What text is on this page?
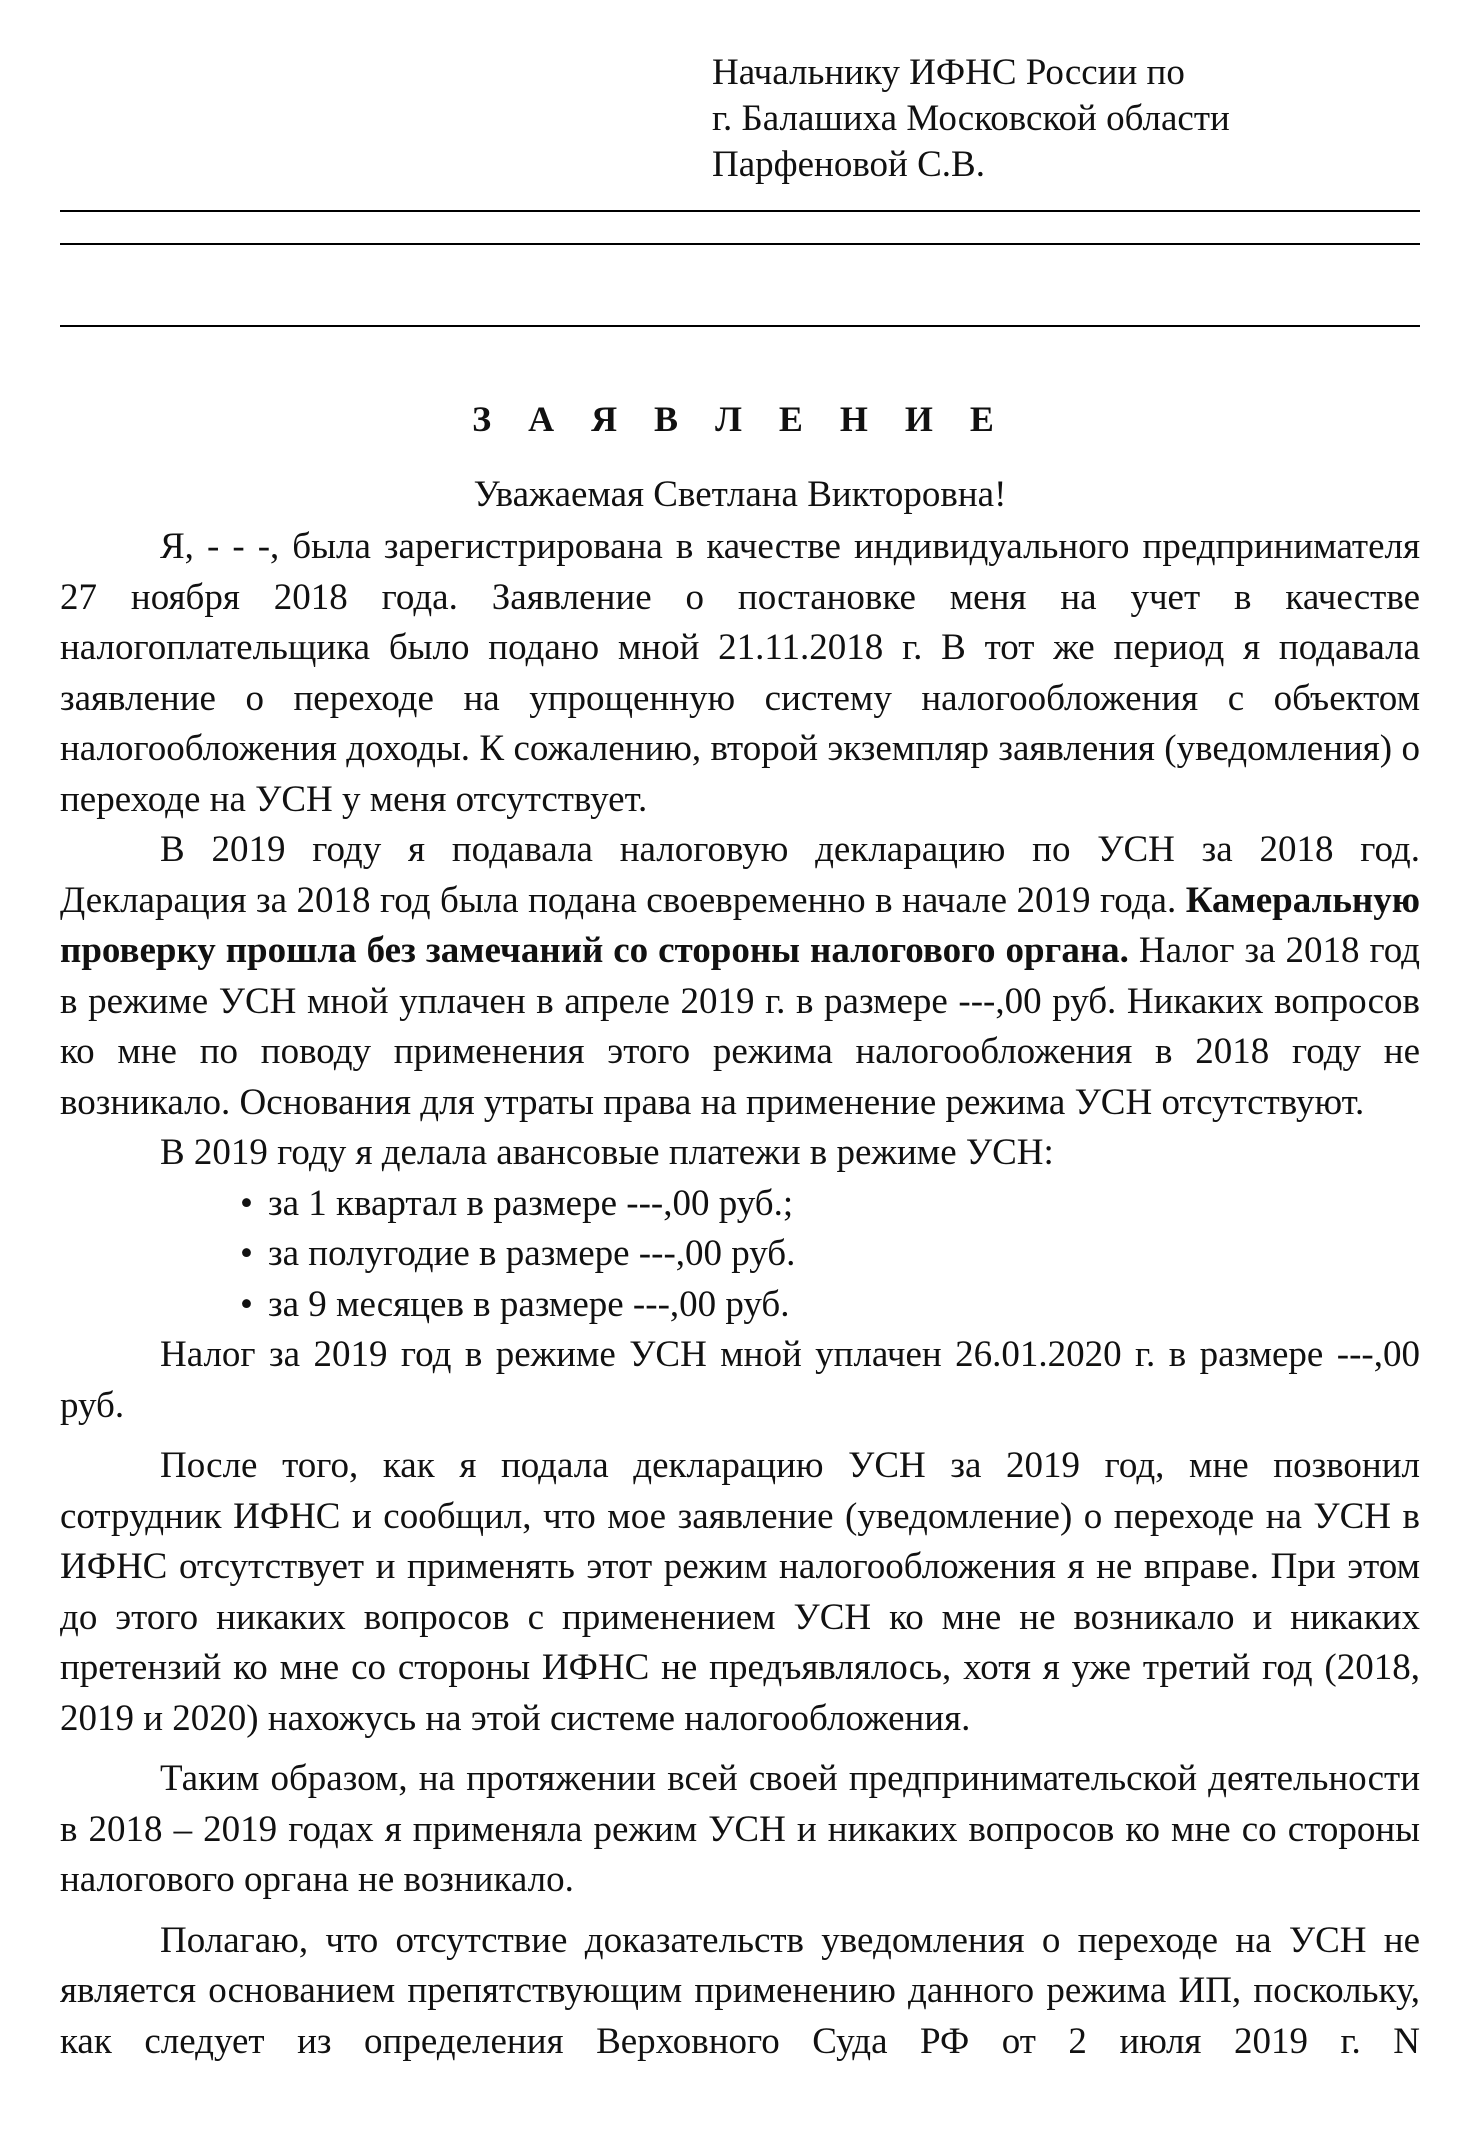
Начальнику ИФНС России по
г. Балашиха Московской области
Парфеновой С.В.
З А Я В Л Е Н И Е
Уважаемая Светлана Викторовна!

Я, - - -, была зарегистрирована в качестве индивидуального предпринимателя 27 ноября 2018 года. Заявление о постановке меня на учет в качестве налогоплательщика было подано мной 21.11.2018 г. В тот же период я подавала заявление о переходе на упрощенную систему налогообложения с объектом налогообложения доходы. К сожалению, второй экземпляр заявления (уведомления) о переходе на УСН у меня отсутствует.

В 2019 году я подавала налоговую декларацию по УСН за 2018 год. Декларация за 2018 год была подана своевременно в начале 2019 года. Камеральную проверку прошла без замечаний со стороны налогового органа. Налог за 2018 год в режиме УСН мной уплачен в апреле 2019 г. в размере ---,00 руб. Никаких вопросов ко мне по поводу применения этого режима налогообложения в 2018 году не возникало. Основания для утраты права на применение режима УСН отсутствуют.

В 2019 году я делала авансовые платежи в режиме УСН:

• за 1 квартал в размере ---,00 руб.;
• за полугодие в размере ---,00 руб.
• за 9 месяцев в размере ---,00 руб.

Налог за 2019 год в режиме УСН мной уплачен 26.01.2020 г. в размере ---,00 руб.

После того, как я подала декларацию УСН за 2019 год, мне позвонил сотрудник ИФНС и сообщил, что мое заявление (уведомление) о переходе на УСН в ИФНС отсутствует и применять этот режим налогообложения я не вправе. При этом до этого никаких вопросов с применением УСН ко мне не возникало и никаких претензий ко мне со стороны ИФНС не предъявлялось, хотя я уже третий год (2018, 2019 и 2020) нахожусь на этой системе налогообложения.

Таким образом, на протяжении всей своей предпринимательской деятельности в 2018 – 2019 годах я применяла режим УСН и никаких вопросов ко мне со стороны налогового органа не возникало.

Полагаю, что отсутствие доказательств уведомления о переходе на УСН не является основанием препятствующим применению данного режима ИП, поскольку, как следует из определения Верховного Суда РФ от 2 июля 2019 г. N
